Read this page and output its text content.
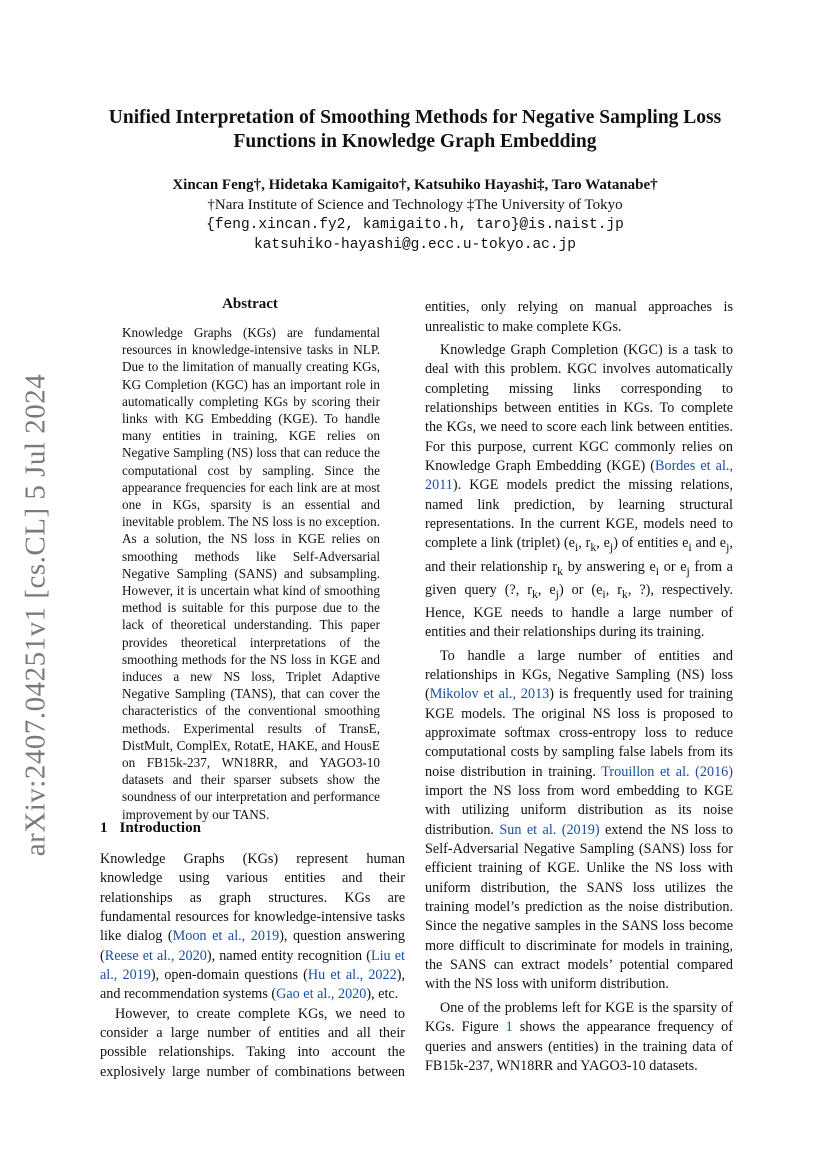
arXiv:2407.04251v1 [cs.CL] 5 Jul 2024
Unified Interpretation of Smoothing Methods for Negative Sampling Loss
Functions in Knowledge Graph Embedding
Xincan Feng†, Hidetaka Kamigaito†, Katsuhiko Hayashi‡, Taro Watanabe†
†Nara Institute of Science and Technology ‡The University of Tokyo
{feng.xincan.fy2, kamigaito.h, taro}@is.naist.jp
katsuhiko-hayashi@g.ecc.u-tokyo.ac.jp
Abstract

Knowledge Graphs (KGs) are fundamental resources in knowledge-intensive tasks in NLP. Due to the limitation of manually creating KGs, KG Completion (KGC) has an important role in automatically completing KGs by scoring their links with KG Embedding (KGE). To handle many entities in training, KGE relies on Negative Sampling (NS) loss that can reduce the computational cost by sampling. Since the appearance frequencies for each link are at most one in KGs, sparsity is an essential and inevitable problem. The NS loss is no exception. As a solution, the NS loss in KGE relies on smoothing methods like Self-Adversarial Negative Sampling (SANS) and subsampling. However, it is uncertain what kind of smoothing method is suitable for this purpose due to the lack of theoretical understanding. This paper provides theoretical interpretations of the smoothing methods for the NS loss in KGE and induces a new NS loss, Triplet Adaptive Negative Sampling (TANS), that can cover the characteristics of the conventional smoothing methods. Experimental results of TransE, DistMult, ComplEx, RotatE, HAKE, and HousE on FB15k-237, WN18RR, and YAGO3-10 datasets and their sparser subsets show the soundness of our interpretation and performance improvement by our TANS.

1 Introduction

Knowledge Graphs (KGs) represent human knowledge using various entities and their relationships as graph structures. KGs are fundamental resources for knowledge-intensive tasks like dialog (Moon et al., 2019), question answering (Reese et al., 2020), named entity recognition (Liu et al., 2019), open-domain questions (Hu et al., 2022), and recommendation systems (Gao et al., 2020), etc.

However, to create complete KGs, we need to consider a large number of entities and all their possible relationships. Taking into account the explosively large number of combinations between

entities, only relying on manual approaches is unrealistic to make complete KGs.

Knowledge Graph Completion (KGC) is a task to deal with this problem. KGC involves automatically completing missing links corresponding to relationships between entities in KGs. To complete the KGs, we need to score each link between entities. For this purpose, current KGC commonly relies on Knowledge Graph Embedding (KGE) (Bordes et al., 2011). KGE models predict the missing relations, named link prediction, by learning structural representations. In the current KGE, models need to complete a link (triplet) ($e_i$, $r_k$, $e_j$) of entities $e_i$ and $e_j$, and their relationship $r_k$ by answering $e_i$ or $e_j$ from a given query (?, $r_k$, $e_j$) or ($e_i$, $r_k$, ?), respectively. Hence, KGE needs to handle a large number of entities and their relationships during its training.

To handle a large number of entities and relationships in KGs, Negative Sampling (NS) loss (Mikolov et al., 2013) is frequently used for training KGE models. The original NS loss is proposed to approximate softmax cross-entropy loss to reduce computational costs by sampling false labels from its noise distribution in training. Trouillon et al. (2016) import the NS loss from word embedding to KGE with utilizing uniform distribution as its noise distribution. Sun et al. (2019) extend the NS loss to Self-Adversarial Negative Sampling (SANS) loss for efficient training of KGE. Unlike the NS loss with uniform distribution, the SANS loss utilizes the training model’s prediction as the noise distribution. Since the negative samples in the SANS loss become more difficult to discriminate for models in training, the SANS can extract models’ potential compared with the NS loss with uniform distribution.

One of the problems left for KGE is the sparsity of KGs. Figure 1 shows the appearance frequency of queries and answers (entities) in the training data of FB15k-237, WN18RR and YAGO3-10 datasets.
